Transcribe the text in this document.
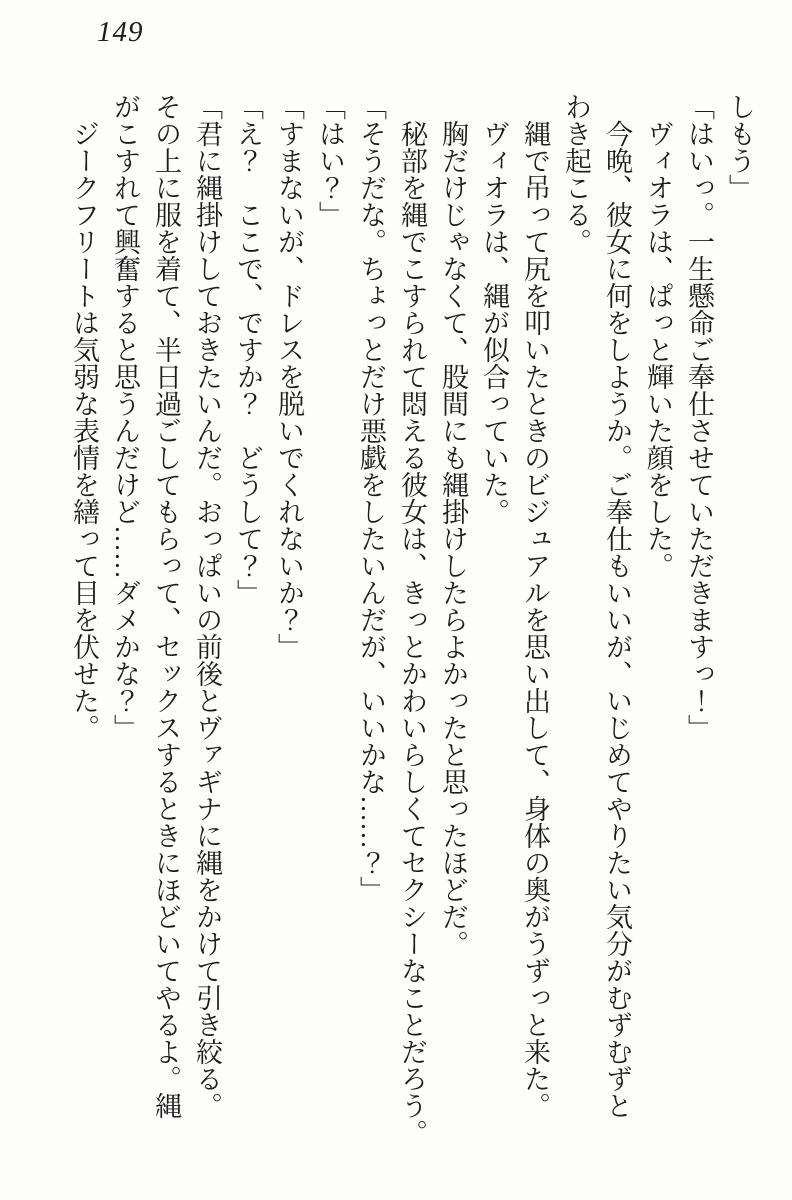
149

しもう」

「はいっ。一生懸命ご奉仕させていただきますっ！」

ヴィオラは、ぱっと輝いた顔をした。

今晩、彼女に何をしようか。ご奉仕もいいが、いじめてやりたい気分がむずむずと

わき起こる。

縄で吊って尻を叩いたときのビジュアルを思い出して、身体の奥がうずっと来た。

ヴィオラは、縄が似合っていた。

胸だけじゃなくて、股間にも縄掛けしたらよかったと思ったほどだ。

秘部を縄でこすられて悶える彼女は、きっとかわいらしくてセクシーなことだろう。

「そうだな。ちょっとだけ悪戯をしたいんだが、いいかな……？」

「はい？」

「すまないが、ドレスを脱いでくれないか？」

「え？　ここで、ですか？　どうして？」

「君に縄掛けしておきたいんだ。おっぱいの前後とヴァギナに縄をかけて引き絞る。

その上に服を着て、半日過ごしてもらって、セックスするときにほどいてやるよ。縄

がこすれて興奮すると思うんだけど……ダメかな？」

ジークフリートは気弱な表情を繕って目を伏せた。
